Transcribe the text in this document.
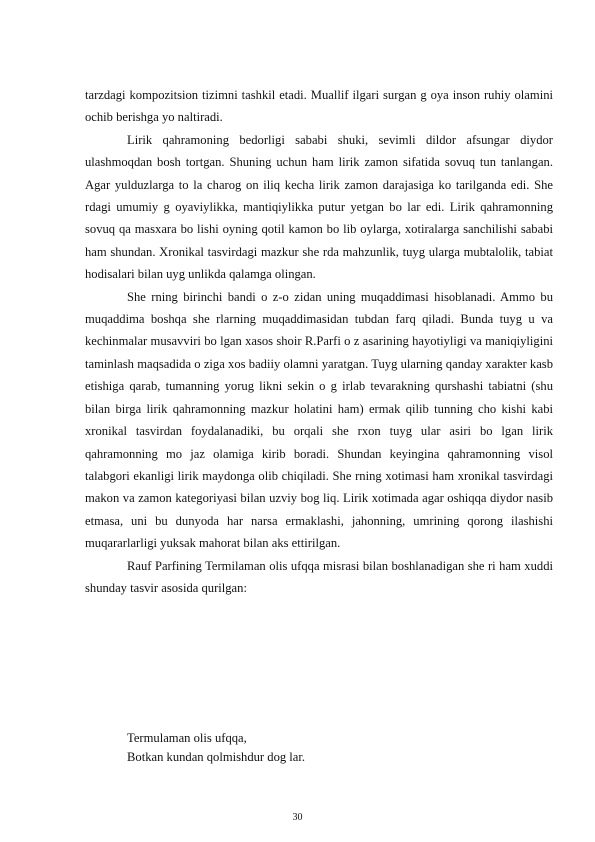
tarzdagi kompozitsion tizimni tashkil etadi. Muallif ilgari surgan g oya inson ruhiy olamini ochib berishga yo naltiradi.

Lirik qahramoning bedorligi sababi shuki, sevimli dildor afsungar diydor ulashmoqdan bosh tortgan. Shuning uchun ham lirik zamon sifatida sovuq tun tanlangan. Agar yulduzlarga to la charog on iliq kecha lirik zamon darajasiga ko tarilganda edi. She rdagi umumiy g oyaviylikka, mantiqiylikka putur yetgan bo lar edi. Lirik qahramonning sovuq qa masxara bo lishi oyning qotil kamon bo lib oylarga, xotiralarga sanchilishi sababi ham shundan. Xronikal tasvirdagi mazkur she rda mahzunlik, tuyg ularga mubtalolik, tabiat hodisalari bilan uyg unlikda qalamga olingan.

She rning birinchi bandi o z-o zidan uning muqaddimasi hisoblanadi. Ammo bu muqaddima boshqa she rlarning muqaddimasidan tubdan farq qiladi. Bunda tuyg u va kechinmalar musavviri bo lgan xasos shoir R.Parfi o z asarining hayotiyligi va maniqiyligini taminlash maqsadida o ziga xos badiiy olamni yaratgan. Tuyg ularning qanday xarakter kasb etishiga qarab, tumanning yorug likni sekin o g irlab tevarakning qurshashi tabiatni (shu bilan birga lirik qahramonning mazkur holatini ham) ermak qilib tunning cho kishi kabi xronikal tasvirdan foydalanadiki, bu orqali she rxon tuyg ular asiri bo lgan lirik qahramonning mo jaz olamiga kirib boradi. Shundan keyingina qahramonning visol talabgori ekanligi lirik maydonga olib chiqiladi. She rning xotimasi ham xronikal tasvirdagi makon va zamon kategoriyasi bilan uzviy bog liq. Lirik xotimada agar oshiqqa diydor nasib etmasa, uni bu dunyoda har narsa ermaklashi, jahonning, umrining qorong ilashishi muqararlarligi yuksak mahorat bilan aks ettirilgan.

Rauf Parfining Termilaman olis ufqqa misrasi bilan boshlanadigan she ri ham xuddi shunday tasvir asosida qurilgan:

Termulaman olis ufqqa,

Botkan kundan qolmishdur dog lar.

30
